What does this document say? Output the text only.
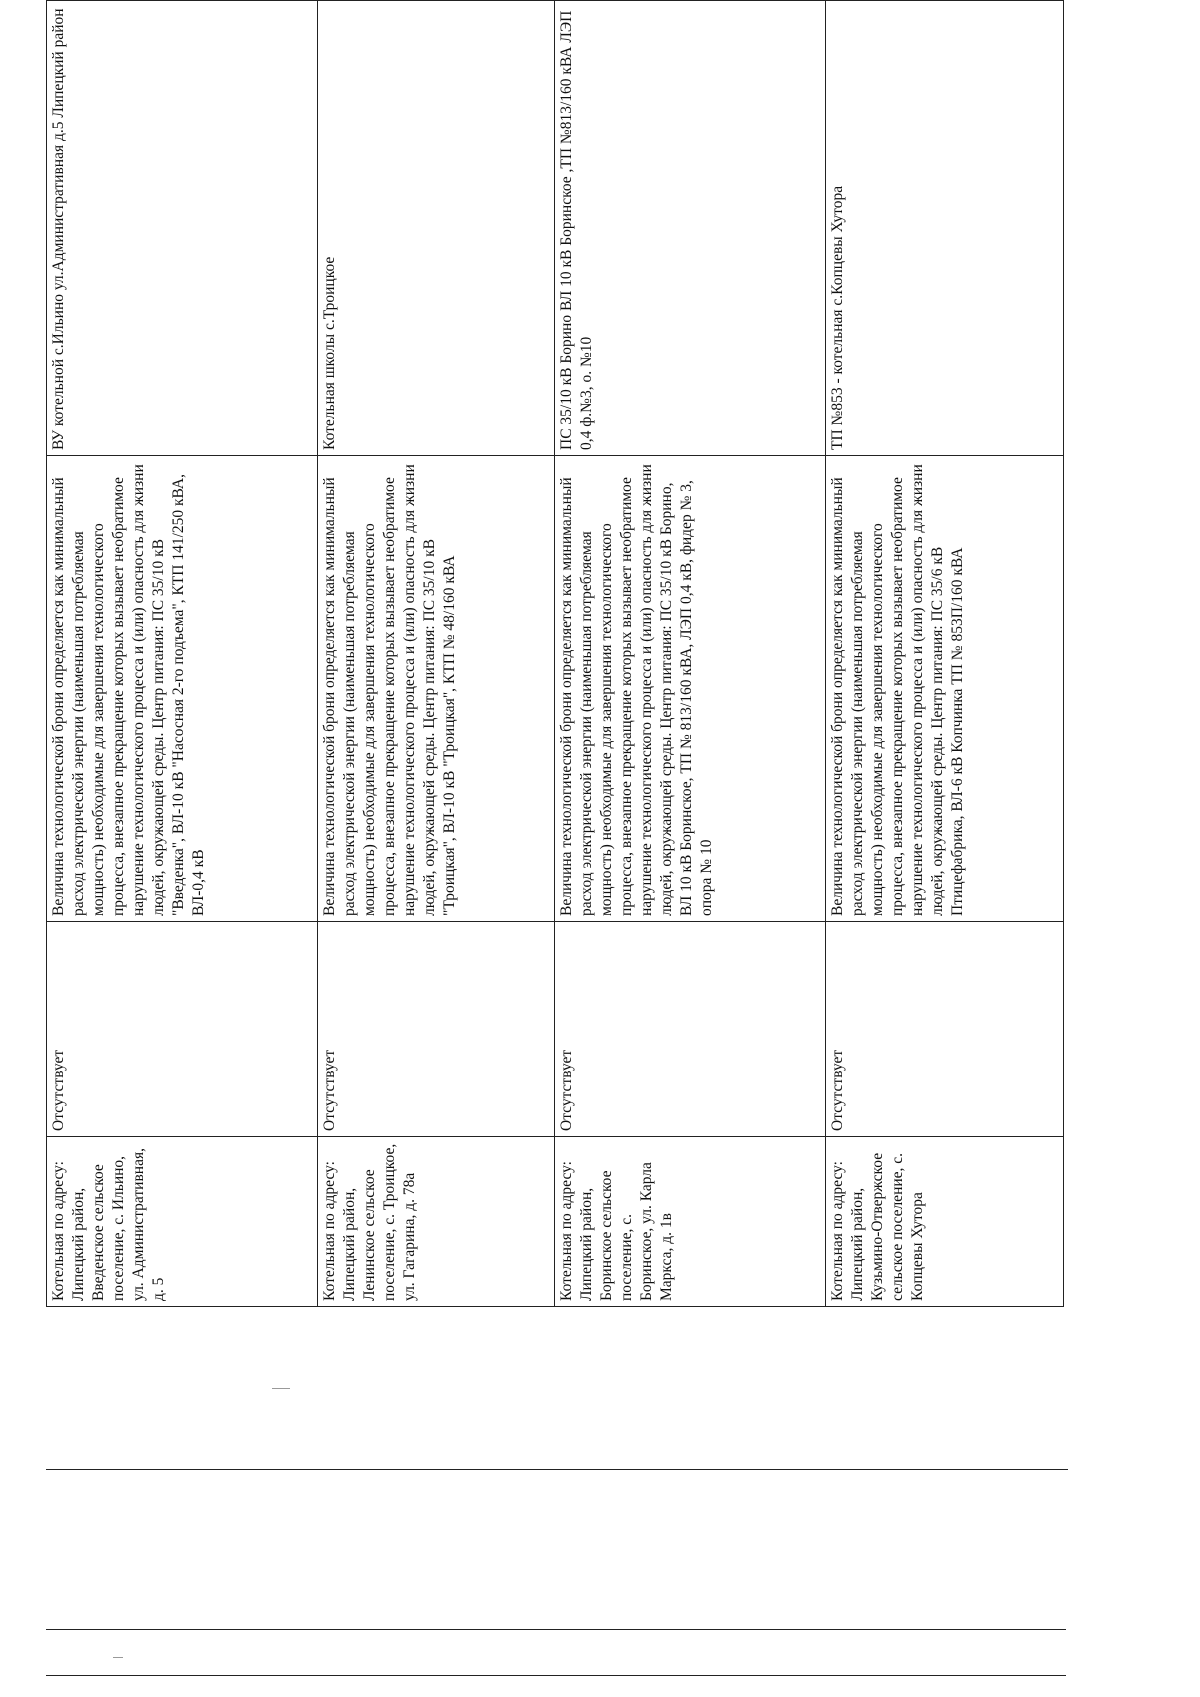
Котельная по адресу: Липецкий район, Введенское сельское поселение, с. Ильино, ул. Административная, д. 5	Отсутствует	Величина технологической брони определяется как минимальный расход электрической энергии (наименьшая потребляемая мощность) необходимые для завершения технологического процесса, внезапное прекращение которых вызывает необратимое нарушение технологического процесса и (или) опасность для жизни людей, окружающей среды. Центр питания: ПС 35/10 кВ "Введенка", ВЛ-10 кВ "Насосная 2-го подъема", КТП 141/250 кВА, ВЛ-0,4 кВ	ВУ котельной с.Ильино ул.Административная д.5 Липецкий район
Котельная по адресу: Липецкий район, Ленинское сельское поселение, с. Троицкое, ул. Гагарина, д. 78а	Отсутствует	Величина технологической брони определяется как минимальный расход электрической энергии (наименьшая потребляемая мощность) необходимые для завершения технологического процесса, внезапное прекращение которых вызывает необратимое нарушение технологического процесса и (или) опасность для жизни людей, окружающей среды. Центр питания: ПС 35/10 кВ "Троицкая", ВЛ-10 кВ "Троицкая", КТП № 48/160 кВА	Котельная школы с.Троицкое
Котельная по адресу: Липецкий район, Боринское сельское поселение, с. Боринское, ул. Карла Маркса, д. 1в	Отсутствует	Величина технологической брони определяется как минимальный расход электрической энергии (наименьшая потребляемая мощность) необходимые для завершения технологического процесса, внезапное прекращение которых вызывает необратимое нарушение технологического процесса и (или) опасность для жизни людей, окружающей среды. Центр питания: ПС 35/10 кВ Борино, ВЛ 10 кВ Боринское, ТП № 813/160 кВА, ЛЭП 0,4 кВ, фидер № 3, опора № 10	ПС 35/10 кВ Борино ВЛ 10 кВ Боринское ,ТП №813/160 кВА ЛЭП 0,4 ф.№3, о. №10
Котельная по адресу: Липецкий район, Кузьмино-Отвержское сельское поселение, с. Копцевы Хутора	Отсутствует	Величина технологической брони определяется как минимальный расход электрической энергии (наименьшая потребляемая мощность) необходимые для завершения технологического процесса, внезапное прекращение которых вызывает необратимое нарушение технологического процесса и (или) опасность для жизни людей, окружающей среды. Центр питания: ПС 35/6 кВ Птицефабрика, ВЛ-6 кВ Копчинка ТП № 853П/160 кВА	ТП №853 - котельная с.Копцевы Хутора
